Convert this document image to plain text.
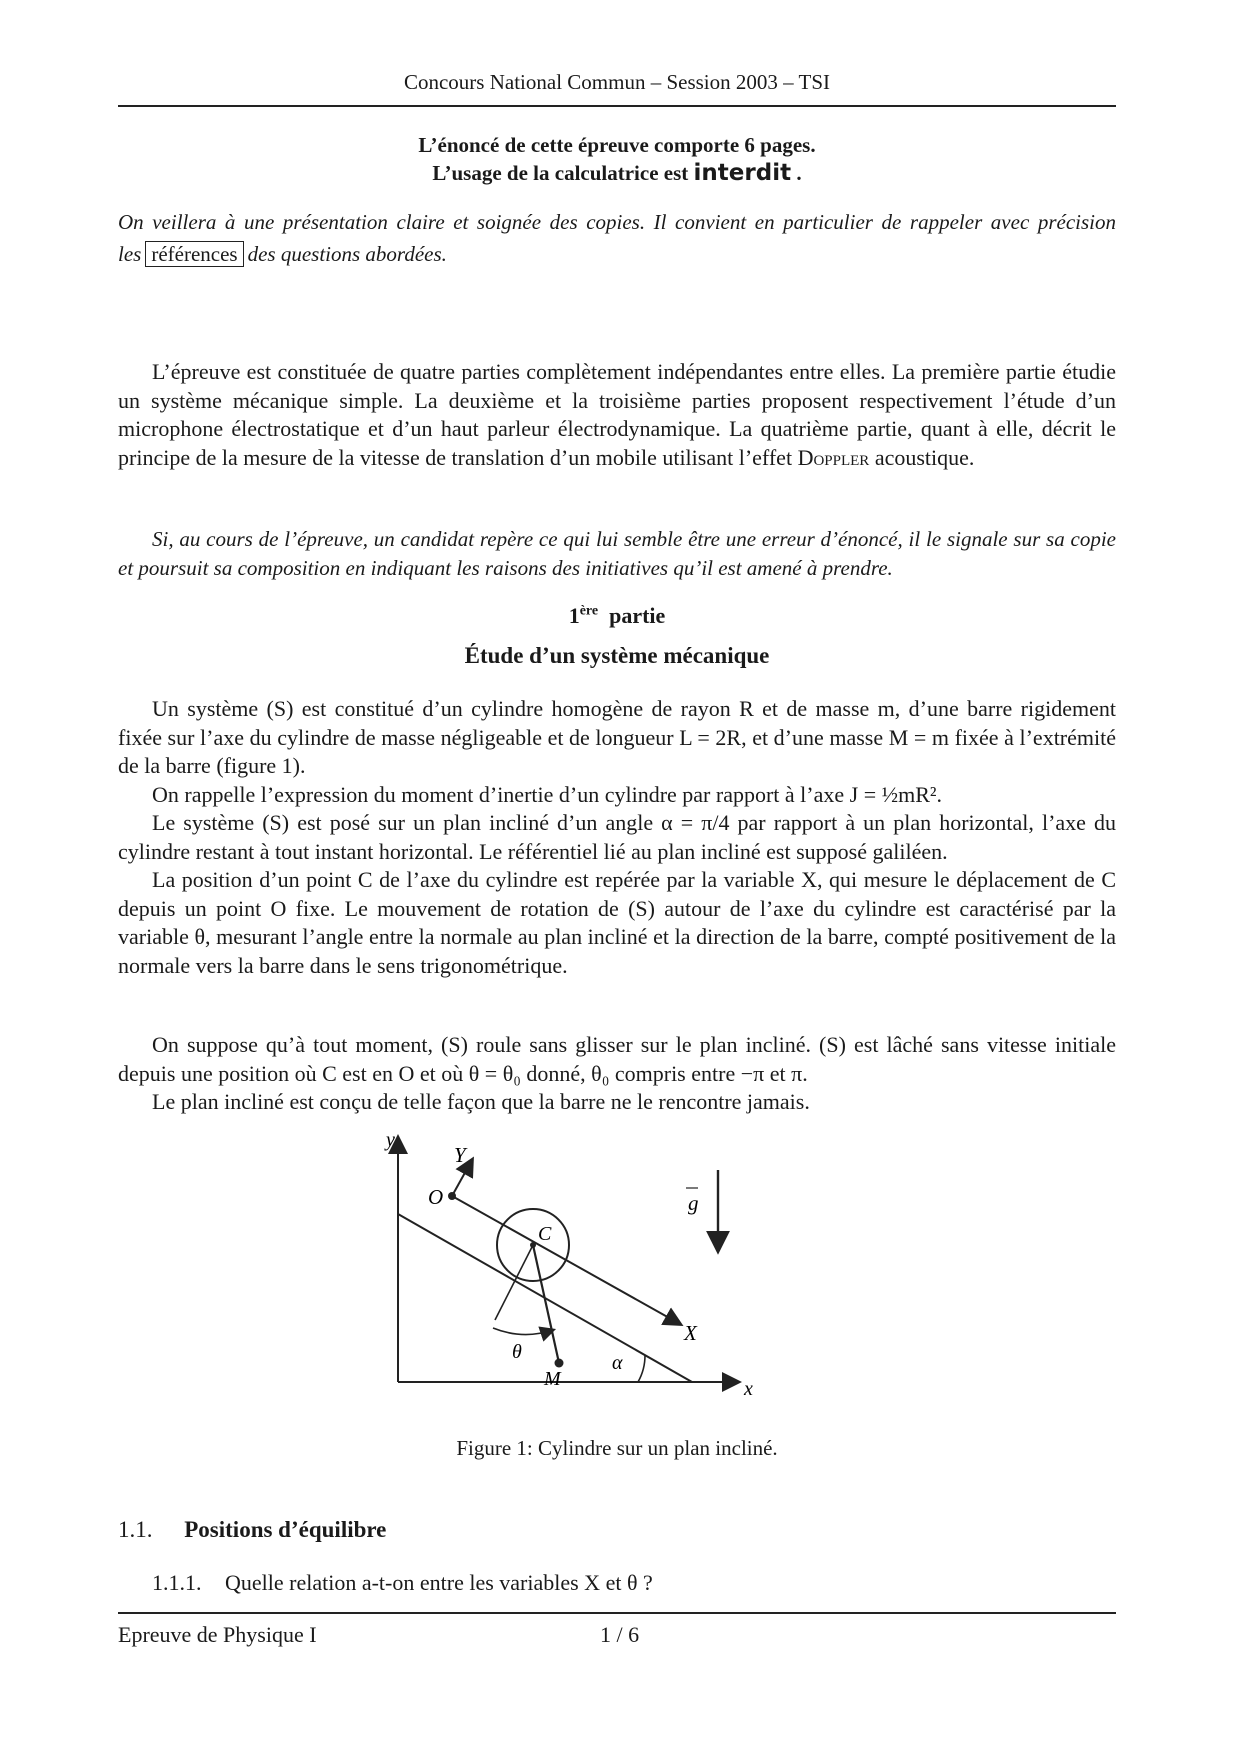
Concours National Commun – Session 2003 – TSI
L’énoncé de cette épreuve comporte 6 pages.
L’usage de la calculatrice est interdit .
On veillera à une présentation claire et soignée des copies. Il convient en particulier de rappeler avec précision les références des questions abordées.
L’épreuve est constituée de quatre parties complètement indépendantes entre elles. La première partie étudie un système mécanique simple. La deuxième et la troisième parties proposent respectivement l’étude d’un microphone électrostatique et d’un haut parleur électrodynamique. La quatrième partie, quant à elle, décrit le principe de la mesure de la vitesse de translation d’un mobile utilisant l’effet Doppler acoustique.
Si, au cours de l’épreuve, un candidat repère ce qui lui semble être une erreur d’énoncé, il le signale sur sa copie et poursuit sa composition en indiquant les raisons des initiatives qu’il est amené à prendre.
1ère partie
Étude d’un système mécanique

Un système (S) est constitué d’un cylindre homogène de rayon R et de masse m, d’une barre rigidement fixée sur l’axe du cylindre de masse négligeable et de longueur L = 2R, et d’une masse M = m fixée à l’extrémité de la barre (figure 1).

On rappelle l’expression du moment d’inertie d’un cylindre par rapport à l’axe J = ½mR².

Le système (S) est posé sur un plan incliné d’un angle α = π/4 par rapport à un plan horizontal, l’axe du cylindre restant à tout instant horizontal. Le référentiel lié au plan incliné est supposé galiléen.

La position d’un point C de l’axe du cylindre est repérée par la variable X, qui mesure le déplacement de C depuis un point O fixe. Le mouvement de rotation de (S) autour de l’axe du cylindre est caractérisé par la variable θ, mesurant l’angle entre la normale au plan incliné et la direction de la barre, compté positivement de la normale vers la barre dans le sens trigonométrique.

On suppose qu’à tout moment, (S) roule sans glisser sur le plan incliné. (S) est lâché sans vitesse initiale depuis une position où C est en O et où θ = θ₀ donné, θ₀ compris entre −π et π.

Le plan incliné est conçu de telle façon que la barre ne le rencontre jamais.

y
Y
O
C
g
X
θ
M
α
x
Figure 1: Cylindre sur un plan incliné.
1.1. Positions d’équilibre
1.1.1. Quelle relation a-t-on entre les variables X et θ ?
Epreuve de Physique I	1 / 6
